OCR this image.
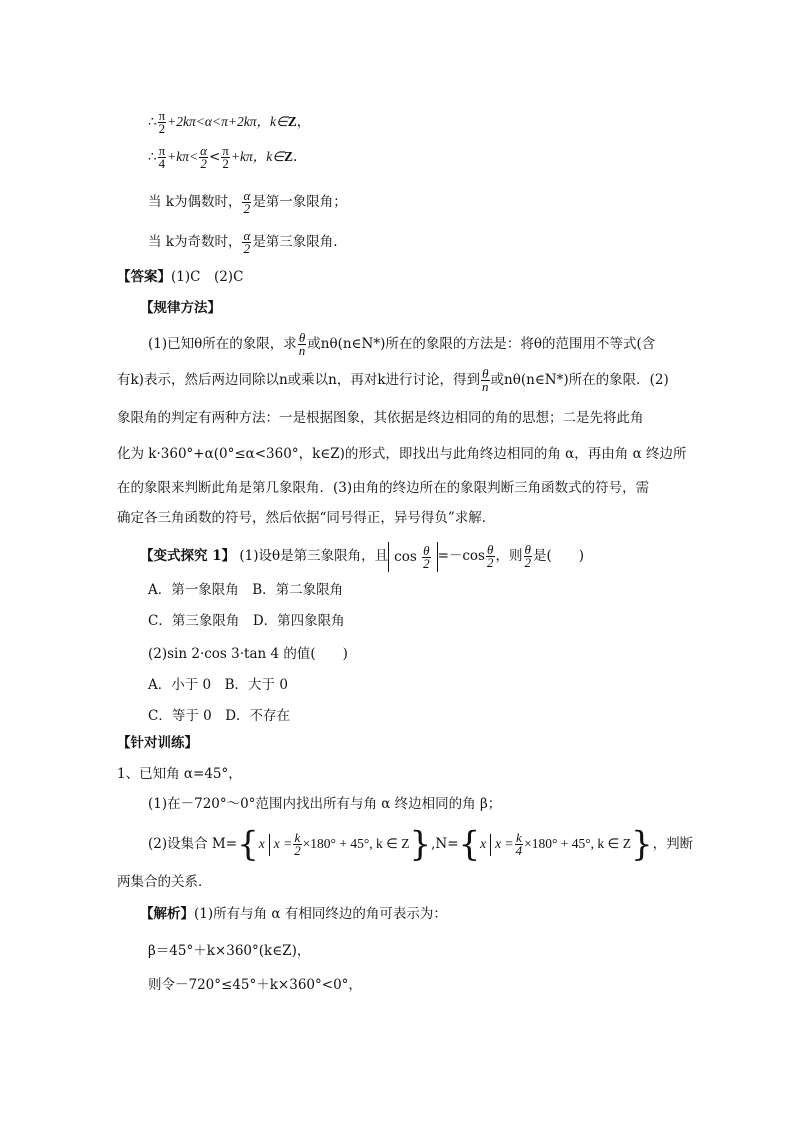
∴ $\frac{\pi}{2} +2k\pi<\alpha<\pi+2k\pi$，k∈Z，
∴ $\frac{\pi}{4} +k\pi< \frac{\alpha}{2} < \frac{\pi}{2} +k\pi$，k∈Z.
当 k为偶数时， $\frac{\alpha}{2}$ 是第一象限角；
当 k为奇数时， $\frac{\alpha}{2}$ 是第三象限角.
【答案】(1)C　(2)C
【规律方法】
(1)已知θ所在的象限，求 $\frac{\theta}{n}$ 或nθ(n∈N*)所在的象限的方法是：将θ的范围用不等式(含
有k)表示，然后两边同除以n或乘以n，再对k进行讨论，得到 $\frac{\theta}{n}$ 或nθ(n∈N*)所在的象限．(2)
象限角的判定有两种方法：一是根据图象，其依据是终边相同的角的思想；二是先将此角
化为 k·360°+α(0°≤α<360°，k∈Z)的形式，即找出与此角终边相同的角 α，再由角 α 终边所
在的象限来判断此角是第几象限角．(3)由角的终边所在的象限判断三角函数式的符号，需
确定各三角函数的符号，然后依据“同号得正，异号得负”求解．
【变式探究 1】 (1)设θ是第三象限角，且 $\cos \frac{\theta}{2} =-\cos \frac{\theta}{2}$ ，则 $\frac{\theta}{2}$ 是(　　)
A．第一象限角　B．第二象限角
C．第三象限角　D．第四象限角
(2)sin 2·cos 3·tan 4 的值(　　)
A．小于 0　B．大于 0
C．等于 0　D．不存在
【针对训练】
1、已知角 α=45°，
(1)在－720°～0°范围内找出所有与角 α 终边相同的角 β；
(2)设集合 M={x $x = \frac{k}{2} \times 180^\circ + 45^\circ$, k ∈ Z},N={x $x = \frac{k}{4} \times 180^\circ + 45^\circ$, k ∈ Z}，判断
两集合的关系．
【解析】(1)所有与角 α 有相同终边的角可表示为：
β＝45°＋k×360°(k∈Z)，
则令－720°≤45°＋k×360°<0°，
